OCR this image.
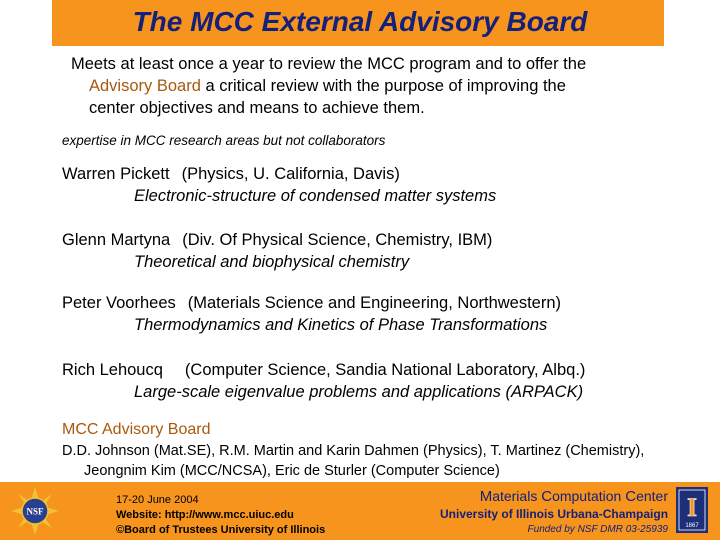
The MCC External Advisory Board
Meets at least once a year to review the MCC program and to offer the
Advisory Board a critical review with the purpose of improving the
center objectives and means to achieve them.
expertise in MCC research areas but not collaborators
Warren Pickett (Physics, U. California, Davis)
Electronic-structure of condensed matter systems
Glenn Martyna (Div. Of Physical Science, Chemistry, IBM)
Theoretical and biophysical chemistry
Peter Voorhees (Materials Science and Engineering, Northwestern)
Thermodynamics and Kinetics of Phase Transformations
Rich Lehoucq (Computer Science, Sandia National Laboratory, Albq.)
Large-scale eigenvalue problems and applications (ARPACK)
MCC Advisory Board
D.D. Johnson (Mat.SE), R.M. Martin and Karin Dahmen (Physics), T. Martinez (Chemistry),
Jeongnim Kim (MCC/NCSA), Eric de Sturler (Computer Science)
NSF
17-20 June 2004
Website: http://www.mcc.uiuc.edu
©Board of Trustees University of Illinois
Materials Computation Center
University of Illinois Urbana-Champaign
Funded by NSF DMR 03-25939
I
1867
